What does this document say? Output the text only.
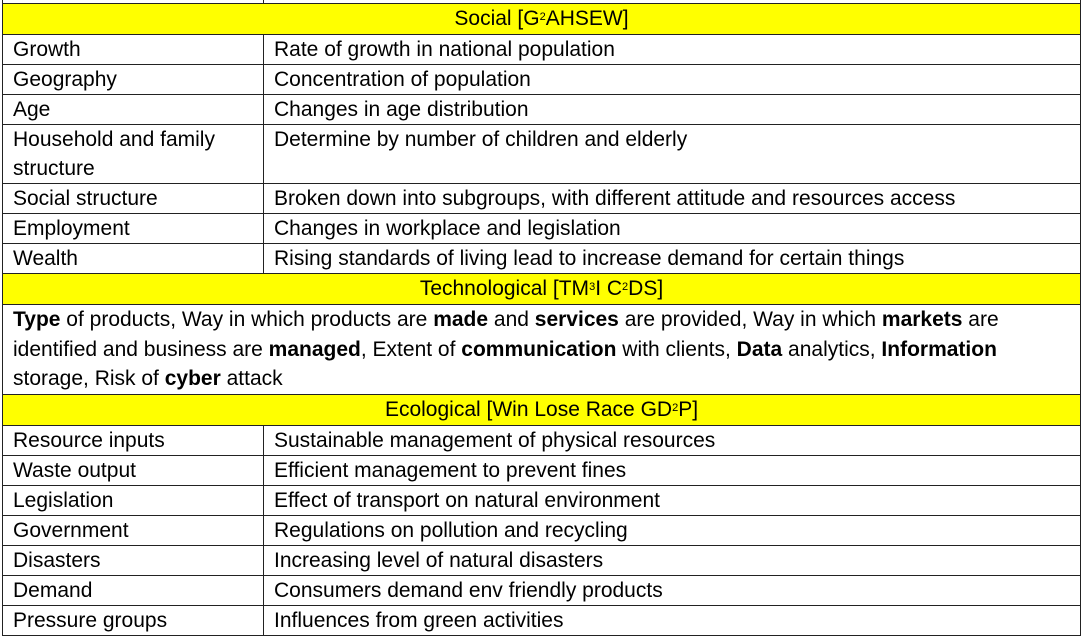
Social $[G^2AHSEW]$	
Growth	Rate of growth in national population
Geography	Concentration of population
Age	Changes in age distribution
Household and family structure	Determine by number of children and elderly
Social structure	Broken down into subgroups, with different attitude and resources access
Employment	Changes in workplace and legislation
Wealth	Rising standards of living lead to increase demand for certain things
Technological [$TM^3I$ $C^2DS$]	
Type of products, Way in which products are made and services are provided, Way in which markets are identified and business are managed, Extent of communication with clients, Data analytics, Information storage, Risk of cyber attack	
Ecological [Win Lose Race $GD^2P$]	
Resource inputs	Sustainable management of physical resources
Waste output	Efficient management to prevent fines
Legislation	Effect of transport on natural environment
Government	Regulations on pollution and recycling
Disasters	Increasing level of natural disasters
Demand	Consumers demand env friendly products
Pressure groups	Influences from green activities
